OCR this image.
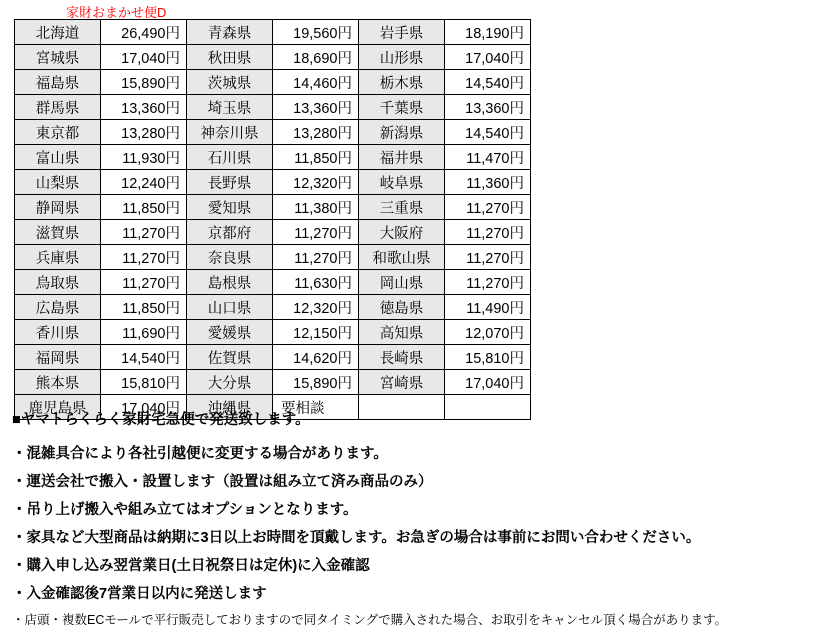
家財おまかせ便D
北海道	26,490円	青森県	19,560円	岩手県	18,190円
宮城県	17,040円	秋田県	18,690円	山形県	17,040円
福島県	15,890円	茨城県	14,460円	栃木県	14,540円
群馬県	13,360円	埼玉県	13,360円	千葉県	13,360円
東京都	13,280円	神奈川県	13,280円	新潟県	14,540円
富山県	11,930円	石川県	11,850円	福井県	11,470円
山梨県	12,240円	長野県	12,320円	岐阜県	11,360円
静岡県	11,850円	愛知県	11,380円	三重県	11,270円
滋賀県	11,270円	京都府	11,270円	大阪府	11,270円
兵庫県	11,270円	奈良県	11,270円	和歌山県	11,270円
鳥取県	11,270円	島根県	11,630円	岡山県	11,270円
広島県	11,850円	山口県	12,320円	徳島県	11,490円
香川県	11,690円	愛媛県	12,150円	高知県	12,070円
福岡県	14,540円	佐賀県	14,620円	長崎県	15,810円
熊本県	15,810円	大分県	15,890円	宮崎県	17,040円
鹿児島県	17,040円	沖縄県	要相談		
■ヤマトらくらく家財宅急便で発送致します。
・混雑具合により各社引越便に変更する場合があります。
・運送会社で搬入・設置します（設置は組み立て済み商品のみ）
・吊り上げ搬入や組み立てはオプションとなります。
・家具など大型商品は納期に3日以上お時間を頂戴します。お急ぎの場合は事前にお問い合わせください。
・購入申し込み翌営業日(土日祝祭日は定休)に入金確認
・入金確認後7営業日以内に発送します
・店頭・複数ECモールで平行販売しておりますので同タイミングで購入された場合、お取引をキャンセル頂く場合があります。
